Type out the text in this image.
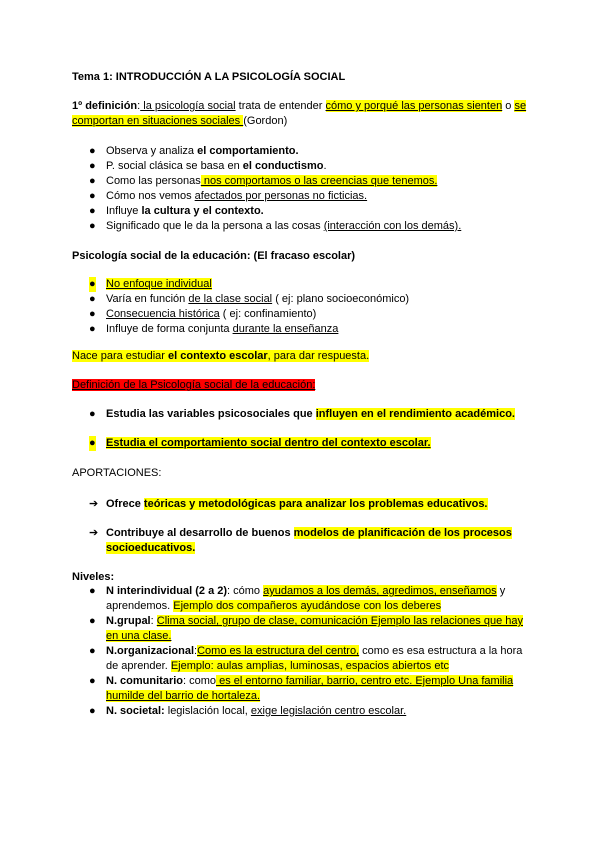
Tema 1: INTRODUCCIÓN A LA PSICOLOGÍA SOCIAL
1º definición: la psicología social trata de entender cómo y porqué las personas sienten o se comportan en situaciones sociales (Gordon)
● Observa y analiza el comportamiento.
● P. social clásica se basa en el conductismo.
● Como las personas nos comportamos o las creencias que tenemos.
● Cómo nos vemos afectados por personas no ficticias.
● Influye la cultura y el contexto.
● Significado que le da la persona a las cosas (interacción con los demás).
Psicología social de la educación: (El fracaso escolar)
● No enfoque individual
● Varía en función de la clase social ( ej: plano socioeconómico)
● Consecuencia histórica ( ej: confinamiento)
● Influye de forma conjunta durante la enseñanza
Nace para estudiar el contexto escolar, para dar respuesta.
Definición de la Psicología social de la educación:
● Estudia las variables psicosociales que influyen en el rendimiento académico.
● Estudia el comportamiento social dentro del contexto escolar.
APORTACIONES:
➔ Ofrece teóricas y metodológicas para analizar los problemas educativos.
➔ Contribuye al desarrollo de buenos modelos de planificación de los procesos
socioeducativos.
Niveles:
● N interindividual (2 a 2): cómo ayudamos a los demás, agredimos, enseñamos y aprendemos. Ejemplo dos compañeros ayudándose con los deberes
● N.grupal: Clima social, grupo de clase, comunicación Ejemplo las relaciones que hay en una clase.
● N.organizacional:Como es la estructura del centro, como es esa estructura a la hora de aprender. Ejemplo: aulas amplias, luminosas, espacios abiertos etc
● N. comunitario: como es el entorno familiar, barrio, centro etc. Ejemplo Una familia humilde del barrio de hortaleza.
● N. societal: legislación local, exige legislación centro escolar.
